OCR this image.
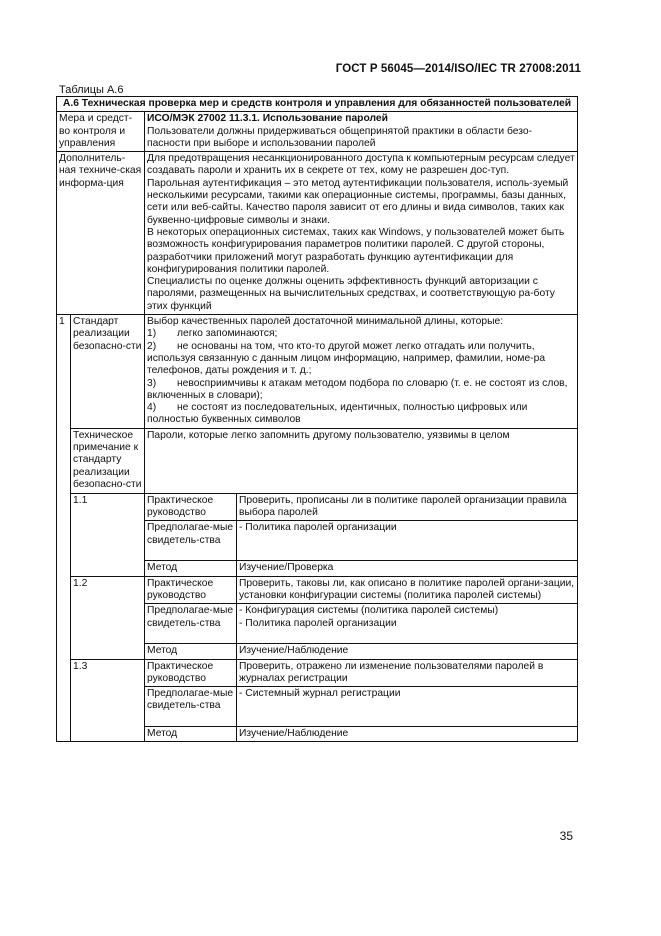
ГОСТ Р 56045—2014/ISO/IEC TR 27008:2011
Таблицы А.6
А.6 Техническая проверка мер и средств контроля и управления для обязанностей пользователей			
Мера и средст-во контроля и управления		ИСО/МЭК 27002 11.3.1. Использование паролей
Пользователи должны придерживаться общепринятой практики в области безо-пасности при выборе и использовании паролей	

Дополнитель-ная техниче-ская информа-ция		Для предотвращения несанкционированного доступа к компьютерным ресурсам следует создавать пароли и хранить их в секрете от тех, кому не разрешен дос-туп.
Парольная аутентификация – это метод аутентификации пользователя, исполь-зуемый несколькими ресурсами, такими как операционные системы, программы, базы данных, сети или веб-сайты. Качество пароля зависит от его длины и вида символов, таких как буквенно-цифровые символы и знаки.
В некоторых операционных системах, таких как Windows, у пользователей может быть возможность конфигурирования параметров политики паролей. С другой стороны, разработчики приложений могут разработать функцию аутентификации для конфигурирования политики паролей.
Специалисты по оценке должны оценить эффективность функций авторизации с паролями, размещенных на вычислительных средствах, и соответствующую ра-боту этих функций	

1	Стандарт реализации безопасно-сти	Выбор качественных паролей достаточной минимальной длины, которые:
1) легко запоминаются;
2) не основаны на том, что кто-то другой может легко отгадать или получить, используя связанную с данным лицом информацию, например, фамилии, номе-ра телефонов, даты рождения и т. д.;
3) невосприимчивы к атакам методом подбора по словарю (т. е. не состоят из слов, включенных в словари);
4) не состоят из последовательных, идентичных, полностью цифровых или полностью буквенных символов	

	Техническое примечание к стандарту реализации безопасно-сти	Пароли, которые легко запомнить другому пользователю, уязвимы в целом	
	1.1	Практическое руководство	Проверить, прописаны ли в политике паролей организации правила выбора паролей
		Предполагае-мые свидетель-ства	- Политика паролей организации

		Метод	Изучение/Проверка
	1.2	Практическое руководство	Проверить, таковы ли, как описано в политике паролей органи-зации, установки конфигурации системы (политика паролей системы)
		Предполагае-мые свидетель-ства	- Конфигурация системы (политика паролей системы)
- Политика паролей организации

		Метод	Изучение/Наблюдение
	1.3	Практическое руководство	Проверить, отражено ли изменение пользователями паролей в журналах регистрации
		Предполагае-мые свидетель-ства	- Системный журнал регистрации

		Метод	Изучение/Наблюдение
35
